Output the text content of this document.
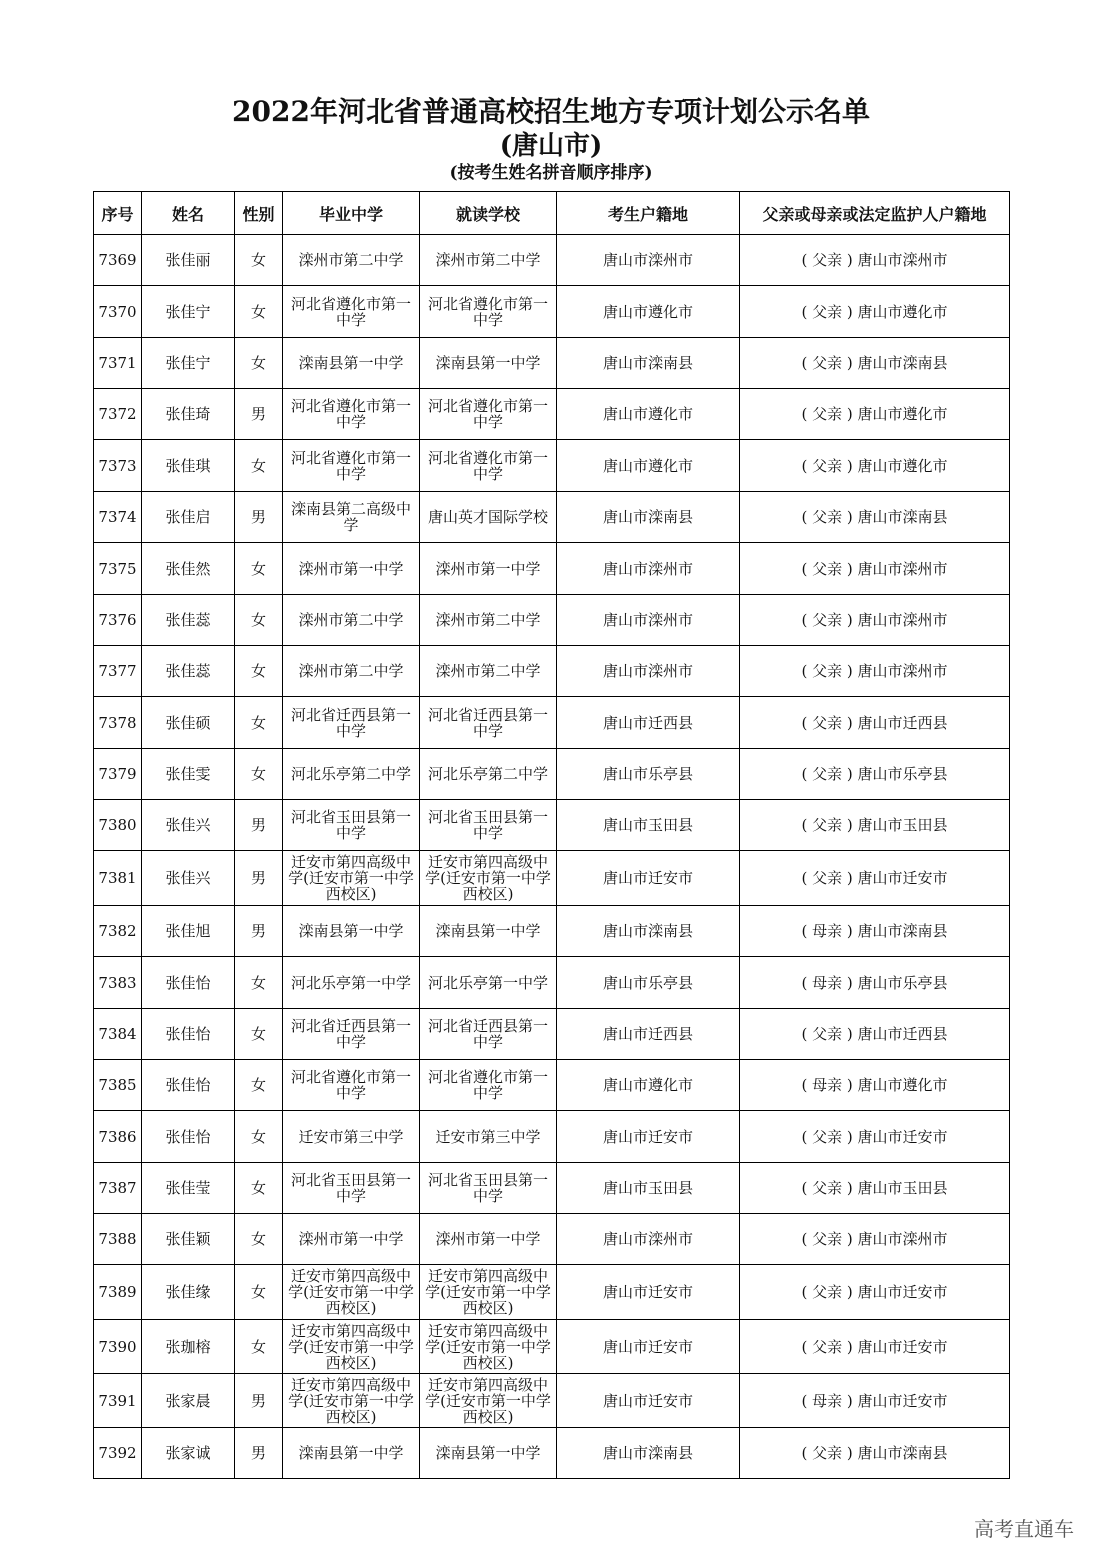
2022年河北省普通高校招生地方专项计划公示名单
(唐山市)
(按考生姓名拼音顺序排序)
序号	姓名	性别	毕业中学	就读学校	考生户籍地	父亲或母亲或法定监护人户籍地
7369	张佳丽	女	滦州市第二中学	滦州市第二中学	唐山市滦州市	( 父亲 ) 唐山市滦州市
7370	张佳宁	女	河北省遵化市第一中学	河北省遵化市第一中学	唐山市遵化市	( 父亲 ) 唐山市遵化市
7371	张佳宁	女	滦南县第一中学	滦南县第一中学	唐山市滦南县	( 父亲 ) 唐山市滦南县
7372	张佳琦	男	河北省遵化市第一中学	河北省遵化市第一中学	唐山市遵化市	( 父亲 ) 唐山市遵化市
7373	张佳琪	女	河北省遵化市第一中学	河北省遵化市第一中学	唐山市遵化市	( 父亲 ) 唐山市遵化市
7374	张佳启	男	滦南县第二高级中学	唐山英才国际学校	唐山市滦南县	( 父亲 ) 唐山市滦南县
7375	张佳然	女	滦州市第一中学	滦州市第一中学	唐山市滦州市	( 父亲 ) 唐山市滦州市
7376	张佳蕊	女	滦州市第二中学	滦州市第二中学	唐山市滦州市	( 父亲 ) 唐山市滦州市
7377	张佳蕊	女	滦州市第二中学	滦州市第二中学	唐山市滦州市	( 父亲 ) 唐山市滦州市
7378	张佳硕	女	河北省迁西县第一中学	河北省迁西县第一中学	唐山市迁西县	( 父亲 ) 唐山市迁西县
7379	张佳雯	女	河北乐亭第二中学	河北乐亭第二中学	唐山市乐亭县	( 父亲 ) 唐山市乐亭县
7380	张佳兴	男	河北省玉田县第一中学	河北省玉田县第一中学	唐山市玉田县	( 父亲 ) 唐山市玉田县
7381	张佳兴	男	迁安市第四高级中学(迁安市第一中学西校区)	迁安市第四高级中学(迁安市第一中学西校区)	唐山市迁安市	( 父亲 ) 唐山市迁安市
7382	张佳旭	男	滦南县第一中学	滦南县第一中学	唐山市滦南县	( 母亲 ) 唐山市滦南县
7383	张佳怡	女	河北乐亭第一中学	河北乐亭第一中学	唐山市乐亭县	( 母亲 ) 唐山市乐亭县
7384	张佳怡	女	河北省迁西县第一中学	河北省迁西县第一中学	唐山市迁西县	( 父亲 ) 唐山市迁西县
7385	张佳怡	女	河北省遵化市第一中学	河北省遵化市第一中学	唐山市遵化市	( 母亲 ) 唐山市遵化市
7386	张佳怡	女	迁安市第三中学	迁安市第三中学	唐山市迁安市	( 父亲 ) 唐山市迁安市
7387	张佳莹	女	河北省玉田县第一中学	河北省玉田县第一中学	唐山市玉田县	( 父亲 ) 唐山市玉田县
7388	张佳颖	女	滦州市第一中学	滦州市第一中学	唐山市滦州市	( 父亲 ) 唐山市滦州市
7389	张佳缘	女	迁安市第四高级中学(迁安市第一中学西校区)	迁安市第四高级中学(迁安市第一中学西校区)	唐山市迁安市	( 父亲 ) 唐山市迁安市
7390	张珈榕	女	迁安市第四高级中学(迁安市第一中学西校区)	迁安市第四高级中学(迁安市第一中学西校区)	唐山市迁安市	( 父亲 ) 唐山市迁安市
7391	张家晨	男	迁安市第四高级中学(迁安市第一中学西校区)	迁安市第四高级中学(迁安市第一中学西校区)	唐山市迁安市	( 母亲 ) 唐山市迁安市
7392	张家诚	男	滦南县第一中学	滦南县第一中学	唐山市滦南县	( 父亲 ) 唐山市滦南县
高考直通车
